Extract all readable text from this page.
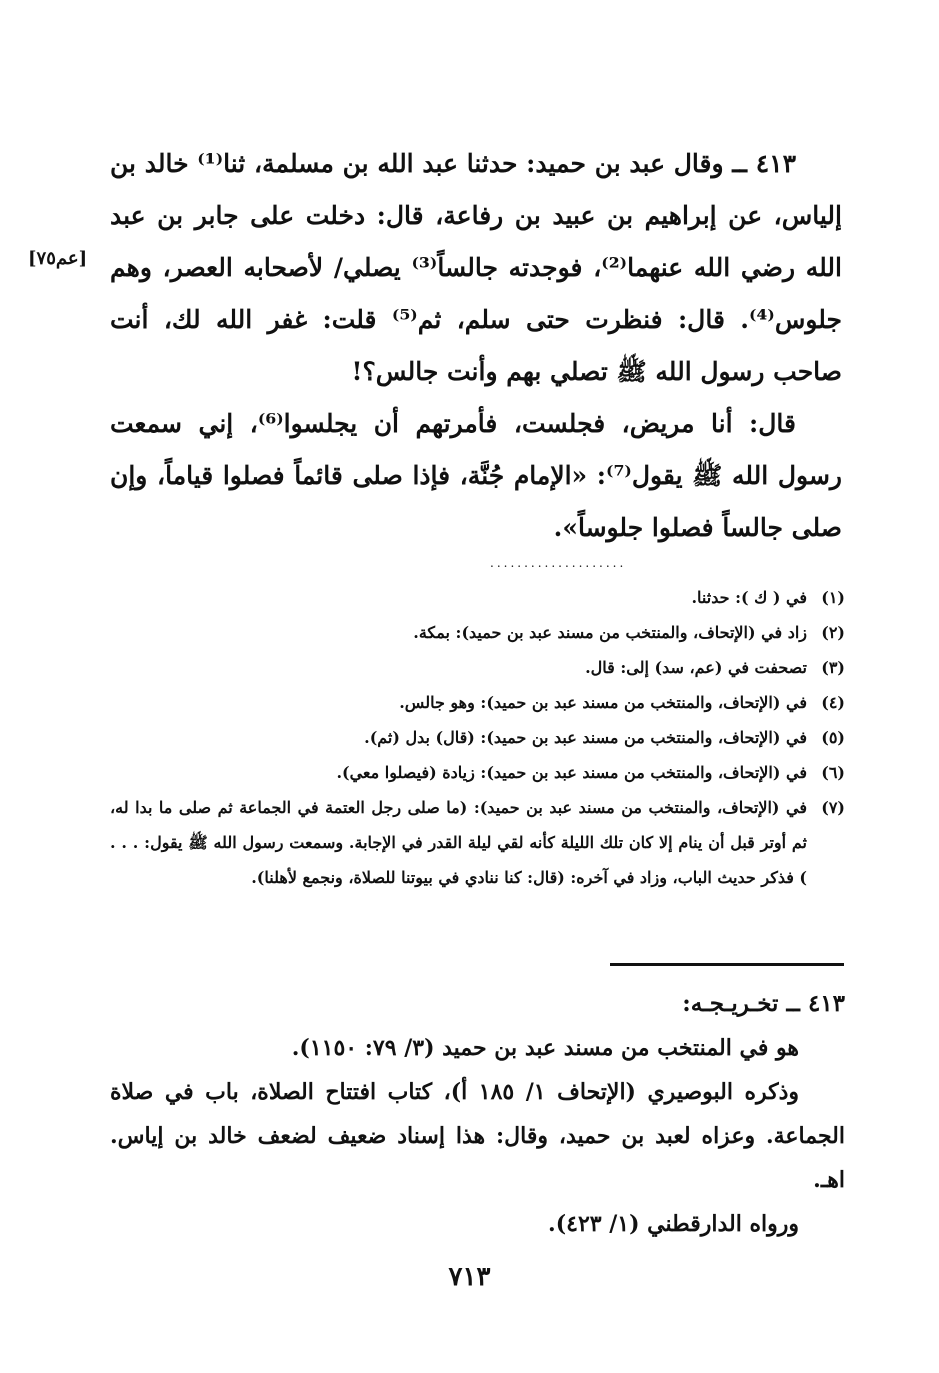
٤١٣ ــ وقال عبد بن حميد: حدثنا عبد الله بن مسلمة، ثنا⁽¹⁾ خالد بن إلياس، عن إبراهيم بن عبيد بن رفاعة، قال: دخلت على جابر بن عبد الله رضي الله عنهما⁽²⁾، فوجدته جالساً⁽³⁾ يصلي/ لأصحابه العصر، وهم جلوس⁽⁴⁾. قال: فنظرت حتى سلم، ثم⁽⁵⁾ قلت: غفر الله لك، أنت صاحب رسول الله ﷺ تصلي بهم وأنت جالس؟!

قال: أنا مريض، فجلست، فأمرتهم أن يجلسوا⁽⁶⁾، إني سمعت رسول الله ﷺ يقول⁽⁷⁾: «الإمام جُنَّة، فإذا صلى قائماً فصلوا قياماً، وإن صلى جالساً فصلوا جلوساً».

[عم٧٥]
....................
(١)
في ( ك ): حدثنا.
(٢)
زاد في (الإتحاف، والمنتخب من مسند عبد بن حميد): بمكة.
(٣)
تصحفت في (عم، سد) إلى: قال.
(٤)
في (الإتحاف، والمنتخب من مسند عبد بن حميد): وهو جالس.
(٥)
في (الإتحاف، والمنتخب من مسند عبد بن حميد): (قال) بدل (ثم).
(٦)
في (الإتحاف، والمنتخب من مسند عبد بن حميد): زيادة (فيصلوا معي).
(٧)
في (الإتحاف، والمنتخب من مسند عبد بن حميد): (ما صلى رجل العتمة في الجماعة ثم صلى ما بدا له، ثم أوتر قبل أن ينام إلا كان تلك الليلة كأنه لقي ليلة القدر في الإجابة. وسمعت رسول الله ﷺ يقول: . . . ) فذكر حديث الباب، وزاد في آخره: (قال: كنا ننادي في بيوتنا للصلاة، ونجمع لأهلنا).

٤١٣ ــ تخـريـجـه:

هو في المنتخب من مسند عبد بن حميد (٣/ ٧٩: ١١٥٠).

وذكره البوصيري (الإتحاف ١/ ١٨٥ أ)، كتاب افتتاح الصلاة، باب في صلاة الجماعة. وعزاه لعبد بن حميد، وقال: هذا إسناد ضعيف لضعف خالد بن إياس. اهـ.

ورواه الدارقطني (١/ ٤٢٣).

٧١٣
